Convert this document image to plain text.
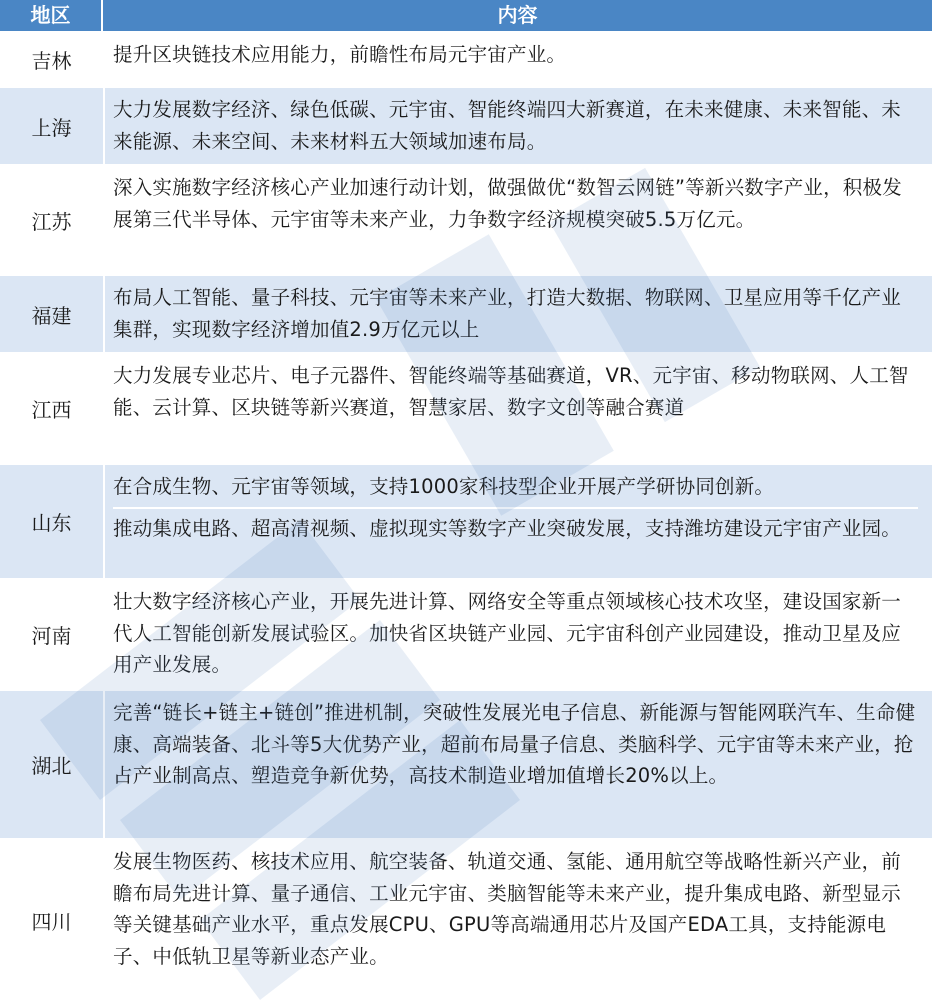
地区	内容
吉林	提升区块链技术应用能力，前瞻性布局元宇宙产业。
上海
大力发展数字经济、绿色低碳、元宇宙、智能终端四大新赛道，在未来健康、未来智能、未来能源、未来空间、未来材料五大领域加速布局。
江苏
深入实施数字经济核心产业加速行动计划，做强做优“数智云网链”等新兴数字产业，积极发展第三代半导体、元宇宙等未来产业，力争数字经济规模突破5.5万亿元。
福建
布局人工智能、量子科技、元宇宙等未来产业，打造大数据、物联网、卫星应用等千亿产业集群，实现数字经济增加值2.9万亿元以上
江西
大力发展专业芯片、电子元器件、智能终端等基础赛道，VR、元宇宙、移动物联网、人工智能、云计算、区块链等新兴赛道，智慧家居、数字文创等融合赛道
山东
在合成生物、元宇宙等领域，支持1000家科技型企业开展产学研协同创新。
推动集成电路、超高清视频、虚拟现实等数字产业突破发展，支持潍坊建设元宇宙产业园。
河南
壮大数字经济核心产业，开展先进计算、网络安全等重点领域核心技术攻坚，建设国家新一代人工智能创新发展试验区。加快省区块链产业园、元宇宙科创产业园建设，推动卫星及应用产业发展。
湖北
完善“链长+链主+链创”推进机制，突破性发展光电子信息、新能源与智能网联汽车、生命健康、高端装备、北斗等5大优势产业，超前布局量子信息、类脑科学、元宇宙等未来产业，抢占产业制高点、塑造竞争新优势，高技术制造业增加值增长20%以上。
四川
发展生物医药、核技术应用、航空装备、轨道交通、氢能、通用航空等战略性新兴产业，前瞻布局先进计算、量子通信、工业元宇宙、类脑智能等未来产业，提升集成电路、新型显示等关键基础产业水平，重点发展CPU、GPU等高端通用芯片及国产EDA工具，支持能源电子、中低轨卫星等新业态产业。
